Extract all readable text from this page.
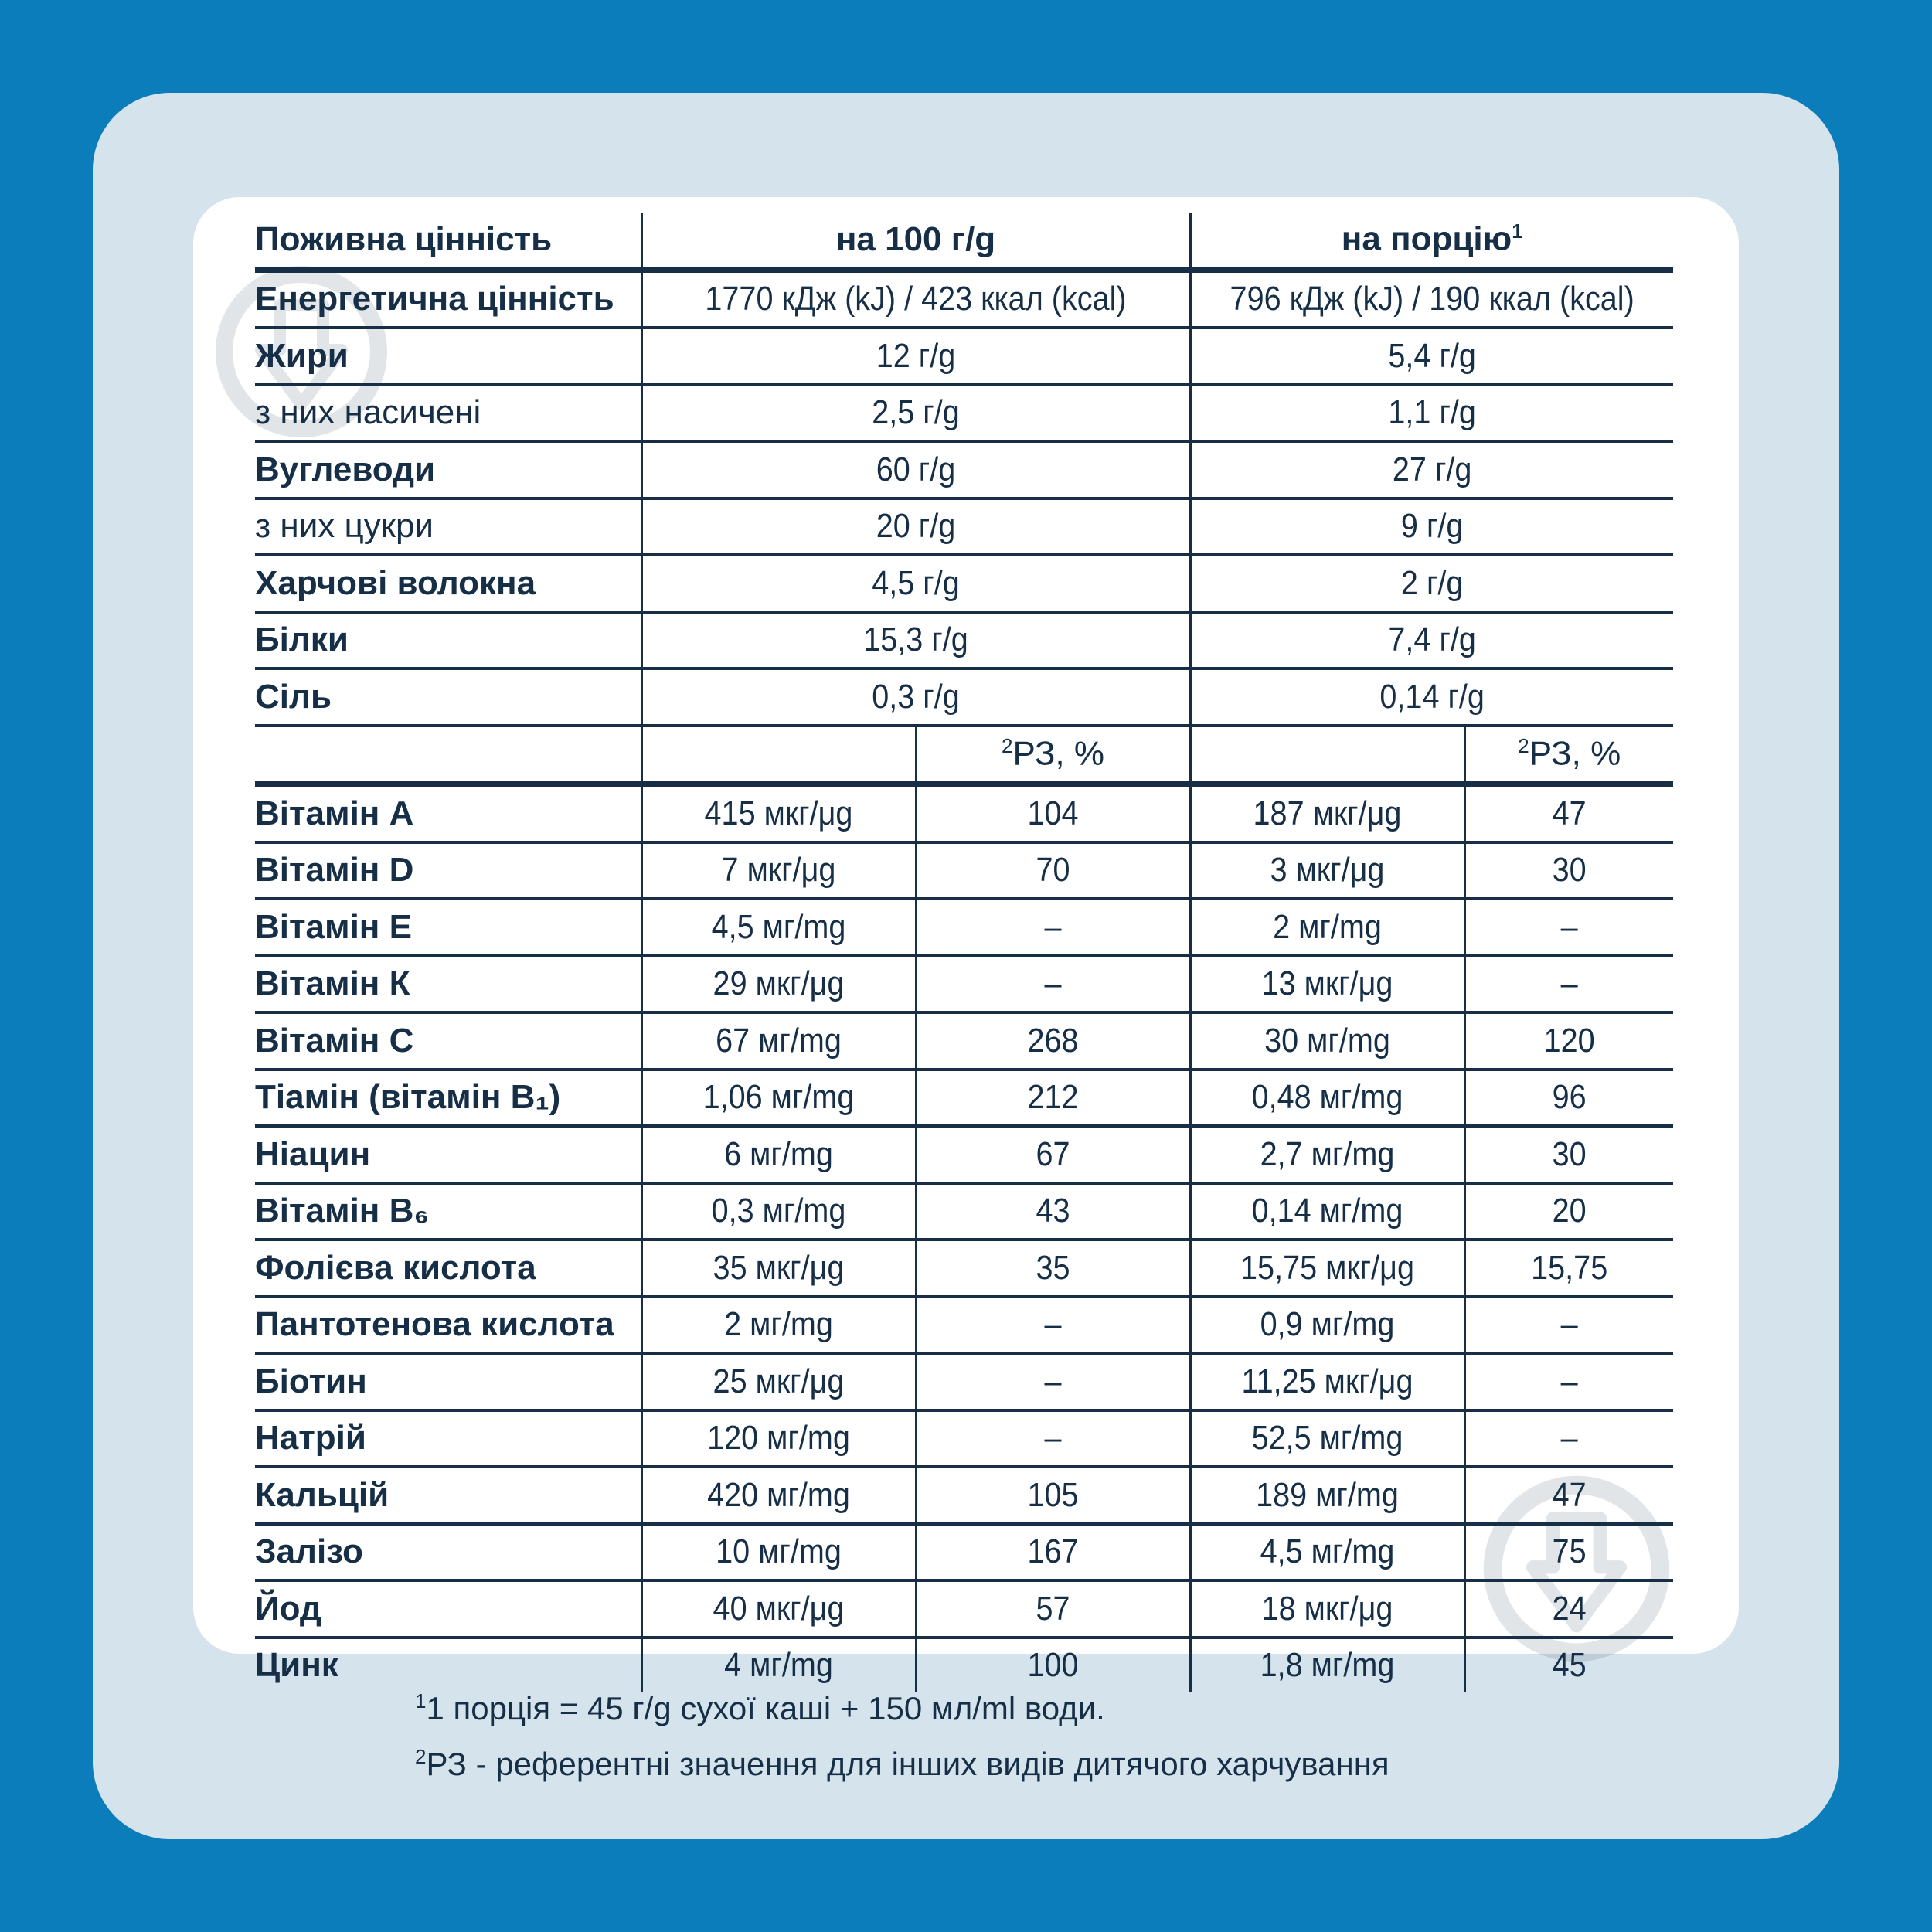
Поживна цінність	на 100 г/g		на порцію$^1$
Енергетична цінність	1770 кДж (kJ) / 423 ккал (kcal)		796 кДж (kJ) / 190 ккал (kcal)	
Жири	12 г/g		5,4 г/g	
з них насичені	2,5 г/g		1,1 г/g	
Вуглеводи	60 г/g		27 г/g	
з них цукри	20 г/g		9 г/g	
Харчові волокна	4,5 г/g		2 г/g	
Білки	15,3 г/g		7,4 г/g	
Сіль	0,3 г/g		0,14 г/g	
		$^2$РЗ, %		$^2$РЗ, %
Вітамін А	415 мкг/μg	104	187 мкг/μg	47
Вітамін D	7 мкг/μg	70	3 мкг/μg	30
Вітамін Е	4,5 мг/mg	–	2 мг/mg	–
Вітамін К	29 мкг/μg	–	13 мкг/μg	–
Вітамін С	67 мг/mg	268	30 мг/mg	120
Тіамін (вітамін В₁)	1,06 мг/mg	212	0,48 мг/mg	96
Ніацин	6 мг/mg	67	2,7 мг/mg	30
Вітамін В₆	0,3 мг/mg	43	0,14 мг/mg	20
Фолієва кислота	35 мкг/μg	35	15,75 мкг/μg	15,75
Пантотенова кислота	2 мг/mg	–	0,9 мг/mg	–
Біотин	25 мкг/μg	–	11,25 мкг/μg	–
Натрій	120 мг/mg	–	52,5 мг/mg	–
Кальцій	420 мг/mg	105	189 мг/mg	47
Залізо	10 мг/mg	167	4,5 мг/mg	75
Йод	40 мкг/μg	57	18 мкг/μg	24
Цинк	4 мг/mg	100	1,8 мг/mg	45
$^1$1 порція = 45 г/g сухої каші + 150 мл/ml води.
$^2$РЗ - референтні значення для інших видів дитячого харчування
